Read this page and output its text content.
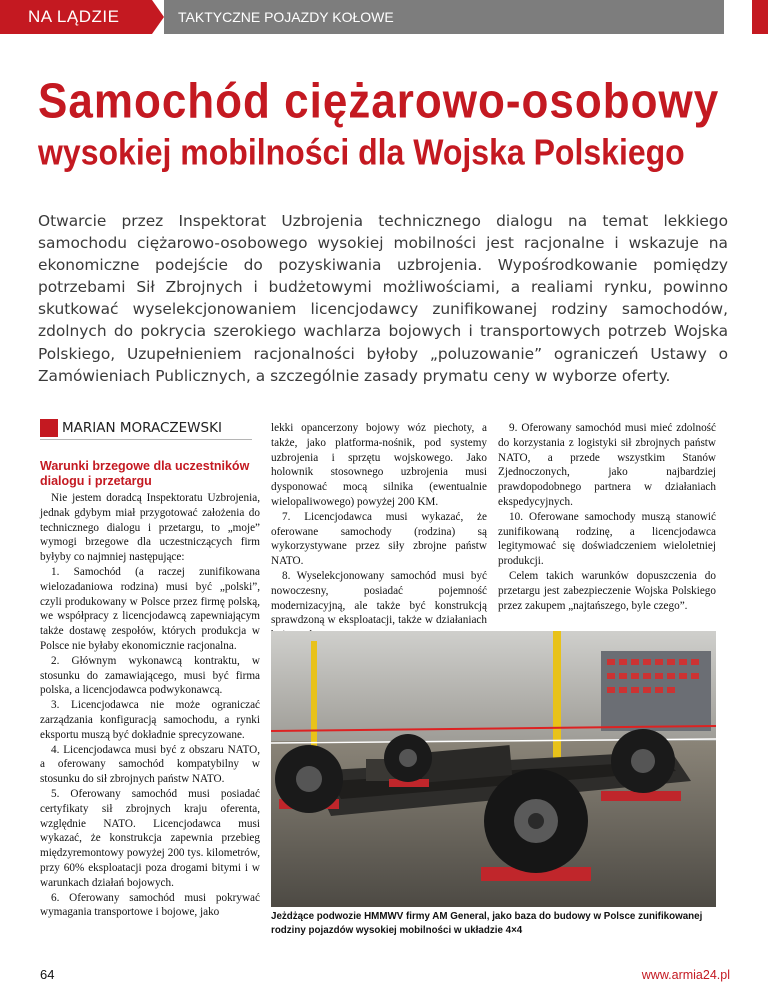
NA LĄDZIE	TAKTYCZNE POJAZDY KOŁOWE
Samochód ciężarowo-osobowy
wysokiej mobilności dla Wojska Polskiego

Otwarcie przez Inspektorat Uzbrojenia technicznego dialogu na temat lekkiego samochodu ciężarowo-osobowego wysokiej mobilności jest racjonalne i wskazuje na ekonomiczne podejście do pozyskiwania uzbrojenia. Wypośrodkowanie pomiędzy potrzebami Sił Zbrojnych i budżetowymi możliwościami, a realiami rynku, powinno skutkować wyselekcjonowaniem licencjodawcy zunifikowanej rodziny samochodów, zdolnych do pokrycia szerokiego wachlarza bojowych i transportowych potrzeb Wojska Polskiego, Uzupełnieniem racjonalności byłoby „poluzowanie” ograniczeń Ustawy o Zamówieniach Publicznych, a szczególnie zasady prymatu ceny w wyborze oferty.

MARIAN MORACZEWSKI
Warunki brzegowe dla uczestników dialogu i przetargu

Nie jestem doradcą Inspektoratu Uzbrojenia, jednak gdybym miał przygotować założenia do technicznego dialogu i przetargu, to „moje” wymogi brzegowe dla uczestniczących firm byłyby co najmniej następujące:

1. Samochód (a raczej zunifikowana wielozadaniowa rodzina) musi być „polski”, czyli produkowany w Polsce przez firmę polską, we współpracy z licencjodawcą zapewniającym także dostawę zespołów, których produkcja w Polsce nie byłaby ekonomicznie racjonalna.

2. Głównym wykonawcą kontraktu, w stosunku do zamawiającego, musi być firma polska, a licencjodawca podwykonawcą.

3. Licencjodawca nie może ograniczać zarządzania konfiguracją samochodu, a rynki eksportu muszą być dokładnie sprecyzowane.

4. Licencjodawca musi być z obszaru NATO, a oferowany samochód kompatybilny w stosunku do sił zbrojnych państw NATO.

5. Oferowany samochód musi posiadać certyfikaty sił zbrojnych kraju oferenta, względnie NATO. Licencjodawca musi wykazać, że konstrukcja zapewnia przebieg międzyremontowy powyżej 200 tys. kilometrów, przy 60% eksploatacji poza drogami bitymi i w warunkach działań bojowych.

6. Oferowany samochód musi pokrywać wymagania transportowe i bojowe, jako

lekki opancerzony bojowy wóz piechoty, a także, jako platforma-nośnik, pod systemy uzbrojenia i sprzętu wojskowego. Jako holownik stosownego uzbrojenia musi dysponować mocą silnika (ewentualnie wielopaliwowego) powyżej 200 KM.

7. Licencjodawca musi wykazać, że oferowane samochody (rodzina) są wykorzystywane przez siły zbrojne państw NATO.

8. Wyselekcjonowany samochód musi być nowoczesny, posiadać pojemność modernizacyjną, ale także być konstrukcją sprawdzoną w eksploatacji, także w działaniach

9. Oferowany samochód musi mieć zdolność do korzystania z logistyki sił zbrojnych państw NATO, a przede wszystkim Stanów Zjednoczonych, jako najbardziej prawdopodobnego partnera w działaniach ekspedycyjnych.

10. Oferowane samochody muszą stanowić zunifikowaną rodzinę, a licencjodawca legitymować się doświadczeniem wieloletniej produkcji.

Celem takich warunków dopuszczenia do przetargu jest zabezpieczenie Wojska Polskiego przez zakupem „najtańszego, byle czego”.

Jeżdżące podwozie HMMWV firmy AM General, jako baza do budowy w Polsce zunifikowanej rodziny pojazdów wysokiej mobilności w układzie 4×4

64	www.armia24.pl
